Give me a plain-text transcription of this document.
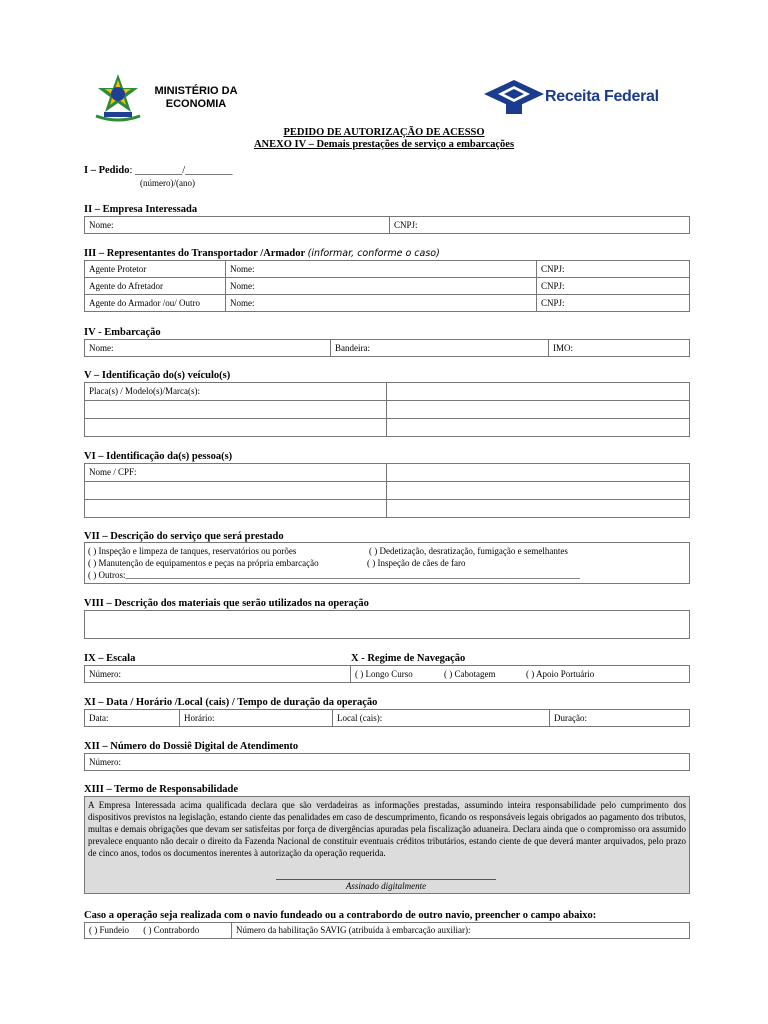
MINISTÉRIO DA
ECONOMIA	Receita Federal
PEDIDO DE AUTORIZAÇÃO DE ACESSO
ANEXO IV – Demais prestações de serviço a embarcações
I – Pedido: _________/_________
(número)/(ano)
II – Empresa Interessada
Nome:	CNPJ:
III – Representantes do Transportador /Armador (informar, conforme o caso)
Agente Protetor	Nome:	CNPJ:
Agente do Afretador	Nome:	CNPJ:
Agente do Armador /ou/ Outro	Nome:	CNPJ:
IV - Embarcação
Nome:	Bandeira:	IMO:
V – Identificação do(s) veículo(s)
Placa(s) / Modelo(s)/Marca(s):
VI – Identificação da(s) pessoa(s)
Nome / CPF:
VII – Descrição do serviço que será prestado
( ) Inspeção e limpeza de tanques, reservatórios ou porões	( ) Dedetização, desratização, fumigação e semelhantes
( ) Manutenção de equipamentos e peças na própria embarcação	( ) Inspeção de cães de faro
( ) Outros:_____________________________________________________________________________________________________
VIII – Descrição dos materiais que serão utilizados na operação
IX – Escala	X - Regime de Navegação
Número:	( ) Longo Curso	( ) Cabotagem	( ) Apoio Portuário
XI – Data / Horário /Local (cais) / Tempo de duração da operação
Data:	Horário:	Local (cais):	Duração:
XII – Número do Dossiê Digital de Atendimento
Número:
XIII – Termo de Responsabilidade
A Empresa Interessada acima qualificada declara que são verdadeiras as informações prestadas, assumindo inteira responsabilidade pelo cumprimento dos dispositivos previstos na legislação, estando ciente das penalidades em caso de descumprimento, ficando os responsáveis legais obrigados ao pagamento dos tributos, multas e demais obrigações que devam ser satisfeitas por força de divergências apuradas pela fiscalização aduaneira. Declara ainda que o compromisso ora assumido prevalece enquanto não decair o direito da Fazenda Nacional de constituir eventuais créditos tributários, estando ciente de que deverá manter arquivados, pelo prazo de cinco anos, todos os documentos inerentes à autorização da operação requerida.
Assinado digitalmente
Caso a operação seja realizada com o navio fundeado ou a contrabordo de outro navio, preencher o campo abaixo:
( ) Fundeio ( ) Contrabordo	Número da habilitação SAVIG (atribuída à embarcação auxiliar):
